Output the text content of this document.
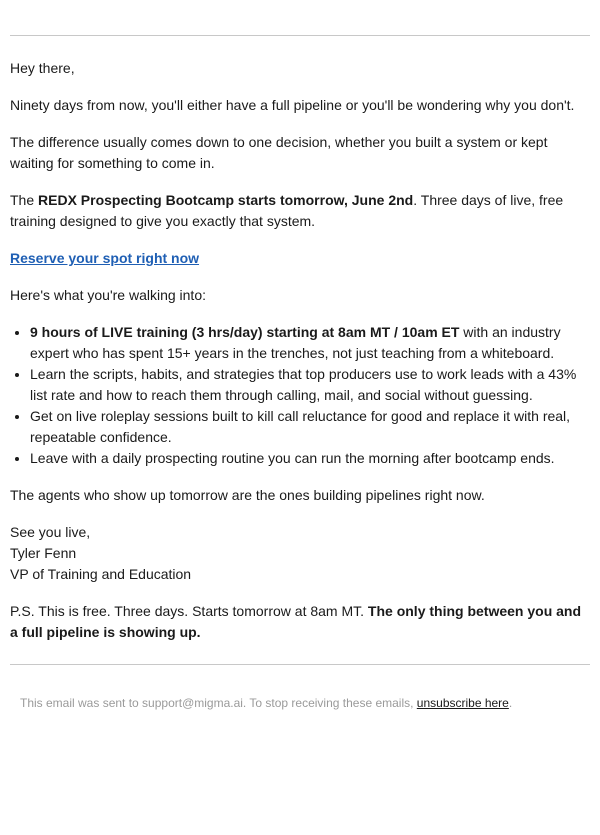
Hey there,

Ninety days from now, you'll either have a full pipeline or you'll be wondering why you don't.

The difference usually comes down to one decision, whether you built a system or kept waiting for something to come in.

The REDX Prospecting Bootcamp starts tomorrow, June 2nd. Three days of live, free training designed to give you exactly that system.

Reserve your spot right now

Here's what you're walking into:

• 9 hours of LIVE training (3 hrs/day) starting at 8am MT / 10am ET with an industry expert who has spent 15+ years in the trenches, not just teaching from a whiteboard.
• Learn the scripts, habits, and strategies that top producers use to work leads with a 43% list rate and how to reach them through calling, mail, and social without guessing.
• Get on live roleplay sessions built to kill call reluctance for good and replace it with real, repeatable confidence.
• Leave with a daily prospecting routine you can run the morning after bootcamp ends.

The agents who show up tomorrow are the ones building pipelines right now.

See you live,
Tyler Fenn
VP of Training and Education

P.S. This is free. Three days. Starts tomorrow at 8am MT. The only thing between you and a full pipeline is showing up.

This email was sent to support@migma.ai. To stop receiving these emails, unsubscribe here.
